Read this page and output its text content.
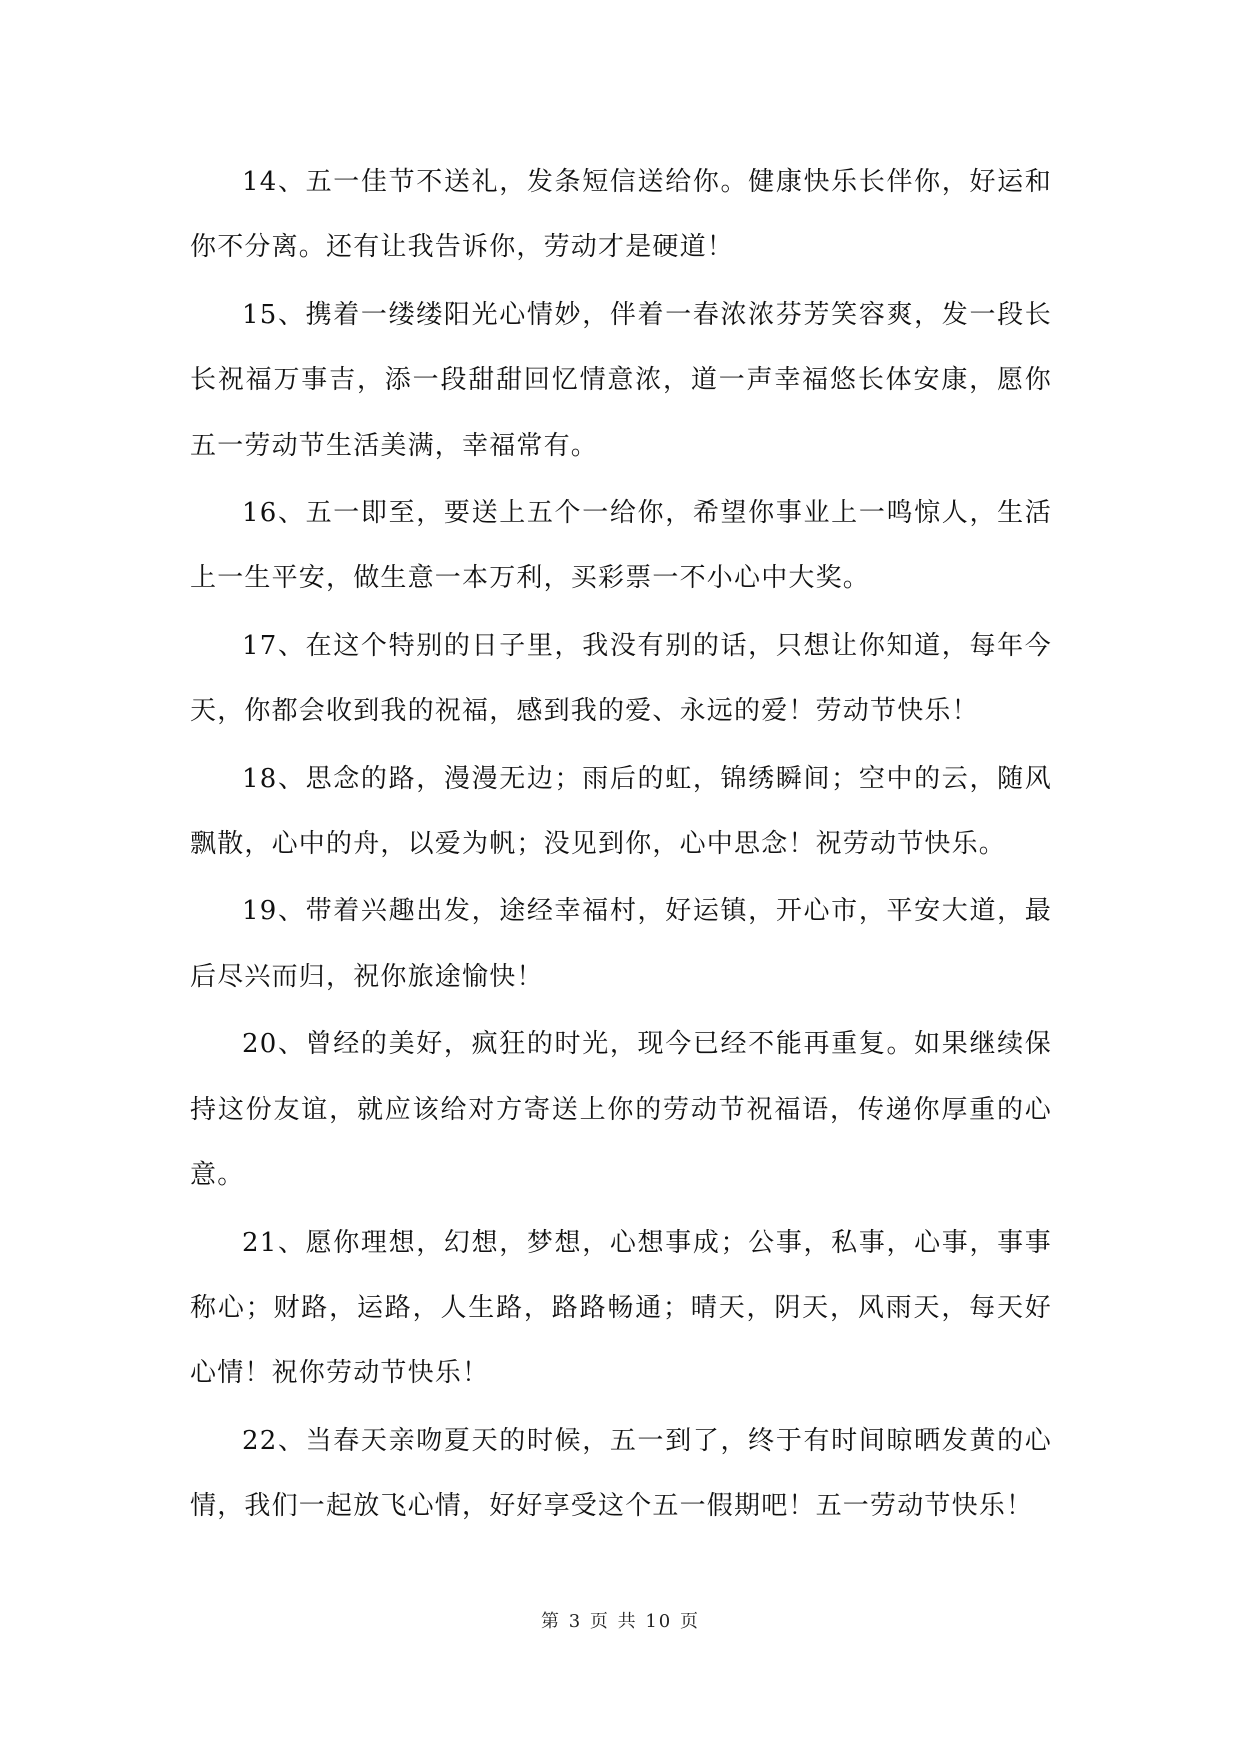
14、五一佳节不送礼，发条短信送给你。健康快乐长伴你，好运和你不分离。还有让我告诉你，劳动才是硬道！

15、携着一缕缕阳光心情妙，伴着一春浓浓芬芳笑容爽，发一段长长祝福万事吉，添一段甜甜回忆情意浓，道一声幸福悠长体安康，愿你五一劳动节生活美满，幸福常有。

16、五一即至，要送上五个一给你，希望你事业上一鸣惊人，生活上一生平安，做生意一本万利，买彩票一不小心中大奖。

17、在这个特别的日子里，我没有别的话，只想让你知道，每年今天，你都会收到我的祝福，感到我的爱、永远的爱！劳动节快乐！

18、思念的路，漫漫无边；雨后的虹，锦绣瞬间；空中的云，随风飘散，心中的舟，以爱为帆；没见到你，心中思念！祝劳动节快乐。

19、带着兴趣出发，途经幸福村，好运镇，开心市，平安大道，最后尽兴而归，祝你旅途愉快！

20、曾经的美好，疯狂的时光，现今已经不能再重复。如果继续保持这份友谊，就应该给对方寄送上你的劳动节祝福语，传递你厚重的心意。

21、愿你理想，幻想，梦想，心想事成；公事，私事，心事，事事称心；财路，运路，人生路，路路畅通；晴天，阴天，风雨天，每天好心情！祝你劳动节快乐！

22、当春天亲吻夏天的时候，五一到了，终于有时间晾晒发黄的心情，我们一起放飞心情，好好享受这个五一假期吧！五一劳动节快乐！

第 3 页 共 10 页
